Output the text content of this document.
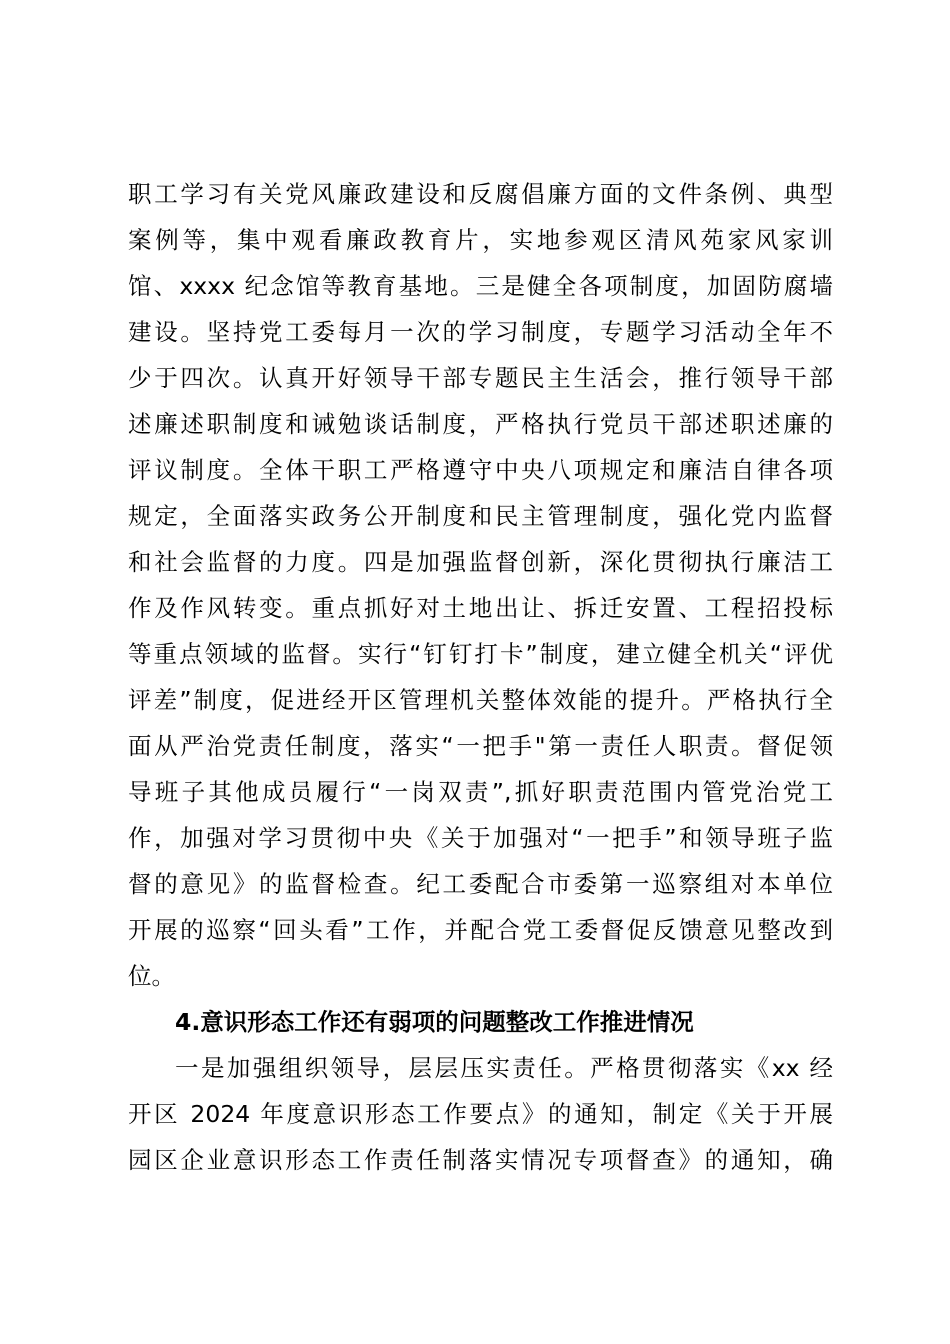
职工学习有关党风廉政建设和反腐倡廉方面的文件条例、典型
案例等，集中观看廉政教育片，实地参观区清风苑家风家训
馆、xxxx 纪念馆等教育基地。三是健全各项制度，加固防腐墙
建设。坚持党工委每月一次的学习制度，专题学习活动全年不
少于四次。认真开好领导干部专题民主生活会，推行领导干部
述廉述职制度和诫勉谈话制度，严格执行党员干部述职述廉的
评议制度。全体干职工严格遵守中央八项规定和廉洁自律各项
规定，全面落实政务公开制度和民主管理制度，强化党内监督
和社会监督的力度。四是加强监督创新，深化贯彻执行廉洁工
作及作风转变。重点抓好对土地出让、拆迁安置、工程招投标
等重点领域的监督。实行“钉钉打卡”制度，建立健全机关“评优
评差”制度，促进经开区管理机关整体效能的提升。严格执行全
面从严治党责任制度，落实“一把手"第一责任人职责。督促领
导班子其他成员履行“一岗双责”,抓好职责范围内管党治党工
作，加强对学习贯彻中央《关于加强对“一把手”和领导班子监
督的意见》的监督检查。纪工委配合市委第一巡察组对本单位
开展的巡察“回头看”工作，并配合党工委督促反馈意见整改到
位。
4.意识形态工作还有弱项的问题整改工作推进情况
一是加强组织领导，层层压实责任。严格贯彻落实《xx 经
开区 2024 年度意识形态工作要点》的通知，制定《关于开展
园区企业意识形态工作责任制落实情况专项督查》的通知，确
